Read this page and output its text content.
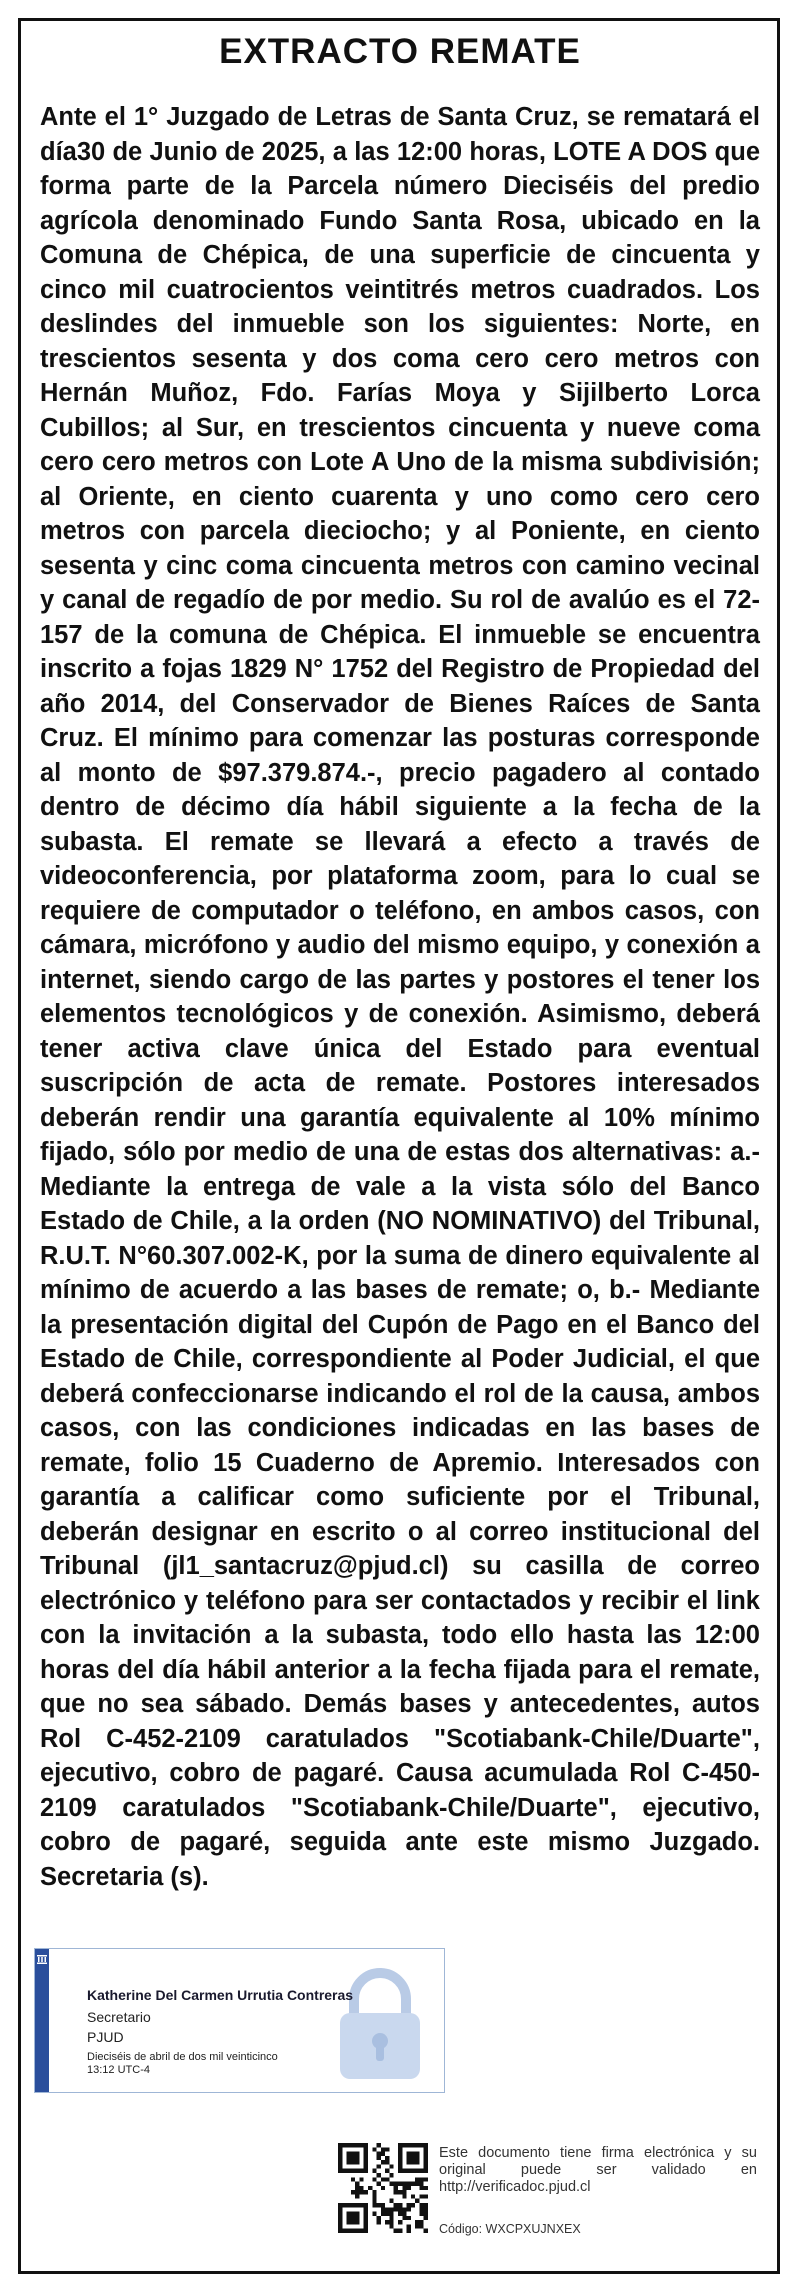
EXTRACTO REMATE
Ante el 1° Juzgado de Letras de Santa Cruz, se rematará el día30 de Junio de 2025, a las 12:00 horas, LOTE A DOS que forma parte de la Parcela número Dieciséis del predio agrícola denominado Fundo Santa Rosa, ubicado en la Comuna de Chépica, de una superficie de cincuenta y cinco mil cuatrocientos veintitrés metros cuadrados. Los deslindes del inmueble son los siguientes: Norte, en trescientos sesenta y dos coma cero cero metros con Hernán Muñoz, Fdo. Farías Moya y Sijilberto Lorca Cubillos; al Sur, en trescientos cincuenta y nueve coma cero cero metros con Lote A Uno de la misma subdivisión; al Oriente, en ciento cuarenta y uno como cero cero metros con parcela dieciocho; y al Poniente, en ciento sesenta y cinc coma cincuenta metros con camino vecinal y canal de regadío de por medio. Su rol de avalúo es el 72-157 de la comuna de Chépica. El inmueble se encuentra inscrito a fojas 1829 N° 1752 del Registro de Propiedad del año 2014, del Conservador de Bienes Raíces de Santa Cruz. El mínimo para comenzar las posturas corresponde al monto de $97.379.874.-, precio pagadero al contado dentro de décimo día hábil siguiente a la fecha de la subasta. El remate se llevará a efecto a través de videoconferencia, por plataforma zoom, para lo cual se requiere de computador o teléfono, en ambos casos, con cámara, micrófono y audio del mismo equipo, y conexión a internet, siendo cargo de las partes y postores el tener los elementos tecnológicos y de conexión. Asimismo, deberá tener activa clave única del Estado para eventual suscripción de acta de remate. Postores interesados deberán rendir una garantía equivalente al 10% mínimo fijado, sólo por medio de una de estas dos alternativas: a.- Mediante la entrega de vale a la vista sólo del Banco Estado de Chile, a la orden (NO NOMINATIVO) del Tribunal, R.U.T. N°60.307.002-K, por la suma de dinero equivalente al mínimo de acuerdo a las bases de remate; o, b.- Mediante la presentación digital del Cupón de Pago en el Banco del Estado de Chile, correspondiente al Poder Judicial, el que deberá confeccionarse indicando el rol de la causa, ambos casos, con las condiciones indicadas en las bases de remate, folio 15 Cuaderno de Apremio. Interesados con garantía a calificar como suficiente por el Tribunal, deberán designar en escrito o al correo institucional del Tribunal (jl1_santacruz@pjud.cl) su casilla de correo electrónico y teléfono para ser contactados y recibir el link con la invitación a la subasta, todo ello hasta las 12:00 horas del día hábil anterior a la fecha fijada para el remate, que no sea sábado. Demás bases y antecedentes, autos Rol C-452-2109 caratulados "Scotiabank-Chile/Duarte", ejecutivo, cobro de pagaré. Causa acumulada Rol C-450-2109 caratulados "Scotiabank-Chile/Duarte", ejecutivo, cobro de pagaré, seguida ante este mismo Juzgado. Secretaria (s).
Katherine Del Carmen Urrutia Contreras
Secretario
PJUD
Dieciséis de abril de dos mil veinticinco
13:12 UTC-4
Este documento tiene firma electrónica y su original puede ser validado en http://verificadoc.pjud.cl
Código: WXCPXUJNXEX
